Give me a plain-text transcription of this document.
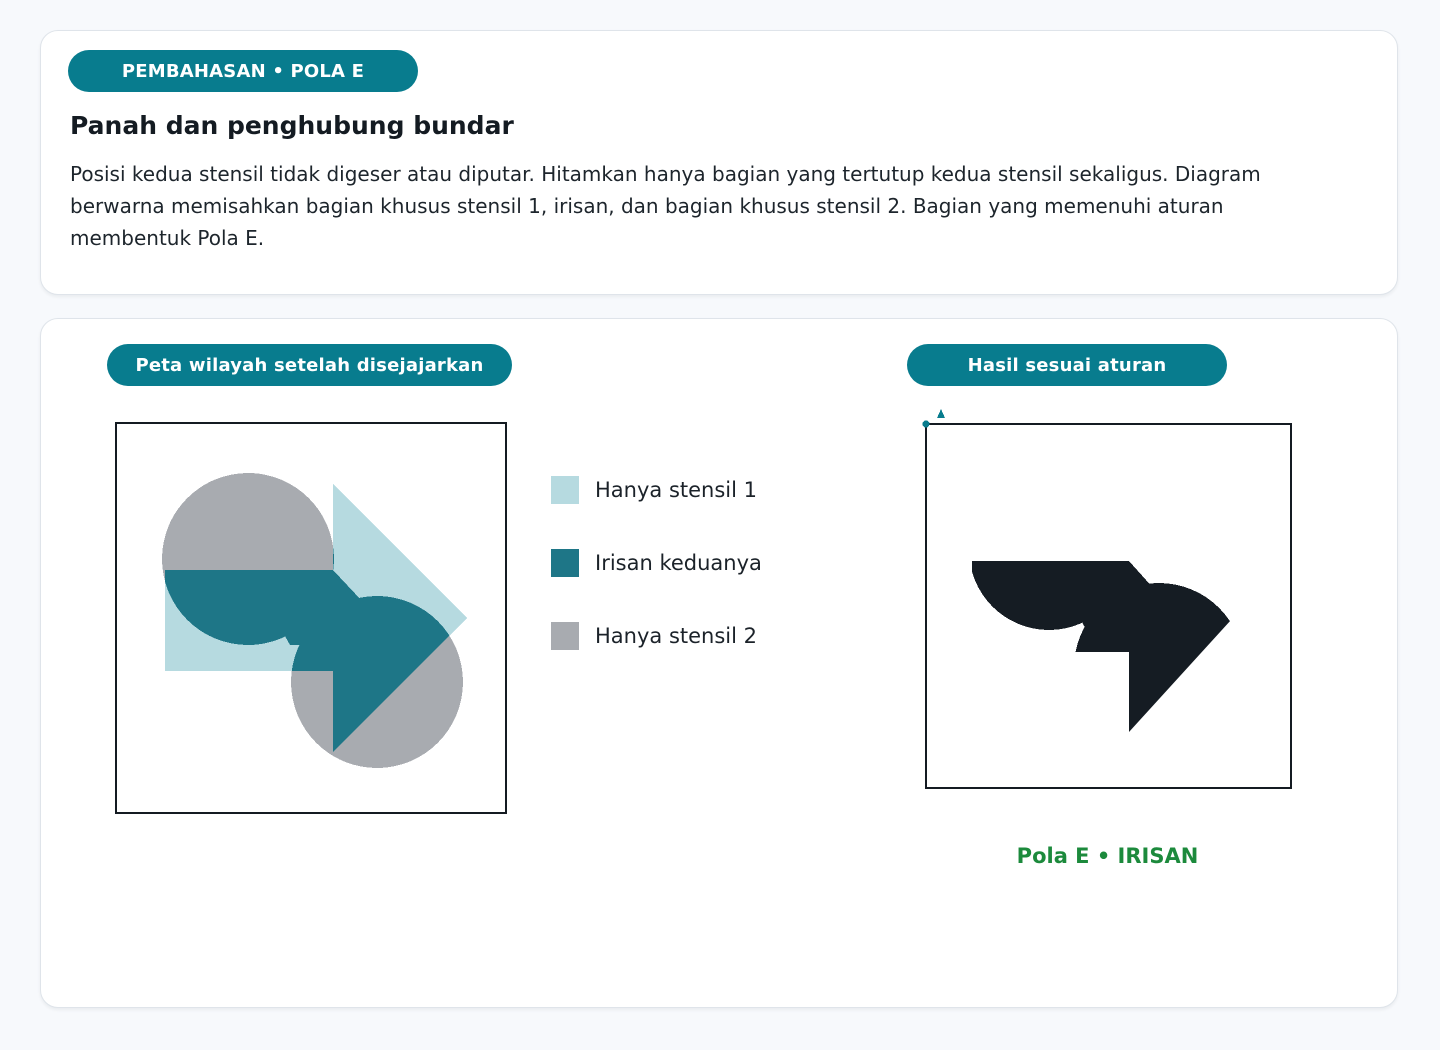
PEMBAHASAN • POLA E
Panah dan penghubung bundar

Posisi kedua stensil tidak digeser atau diputar. Hitamkan hanya bagian yang tertutup kedua stensil sekaligus. Diagram berwarna memisahkan bagian khusus stensil 1, irisan, dan bagian khusus stensil 2. Bagian yang memenuhi aturan membentuk Pola E.

Peta wilayah setelah disejajarkan	Hasil sesuai aturan
Hanya stensil 1
Irisan keduanya
Hanya stensil 2
Pola E • IRISAN
